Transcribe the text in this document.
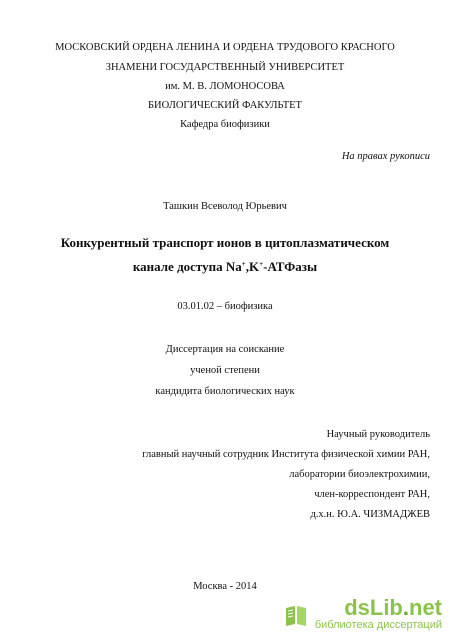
МОСКОВСКИЙ ОРДЕНА ЛЕНИНА И ОРДЕНА ТРУДОВОГО КРАСНОГО
ЗНАМЕНИ ГОСУДАРСТВЕННЫЙ УНИВЕРСИТЕТ
им. М. В. ЛОМОНОСОВА
БИОЛОГИЧЕСКИЙ ФАКУЛЬТЕТ
Кафедра биофизики
На правах рукописи
Ташкин Всеволод Юрьевич
Конкурентный транспорт ионов в цитоплазматическом
канале доступа Na+,K+-АТФазы
03.01.02 – биофизика
Диссертация на соискание
ученой степени
кандидита биологических наук
Научный руководитель
главный научный сотрудник Института физической химии РАН,
лаборатории биоэлектрохимии,
член-корреспондент РАН,
д.х.н. Ю.А. ЧИЗМАДЖЕВ
Москва - 2014
dsLib.net
библиотека диссертаций
